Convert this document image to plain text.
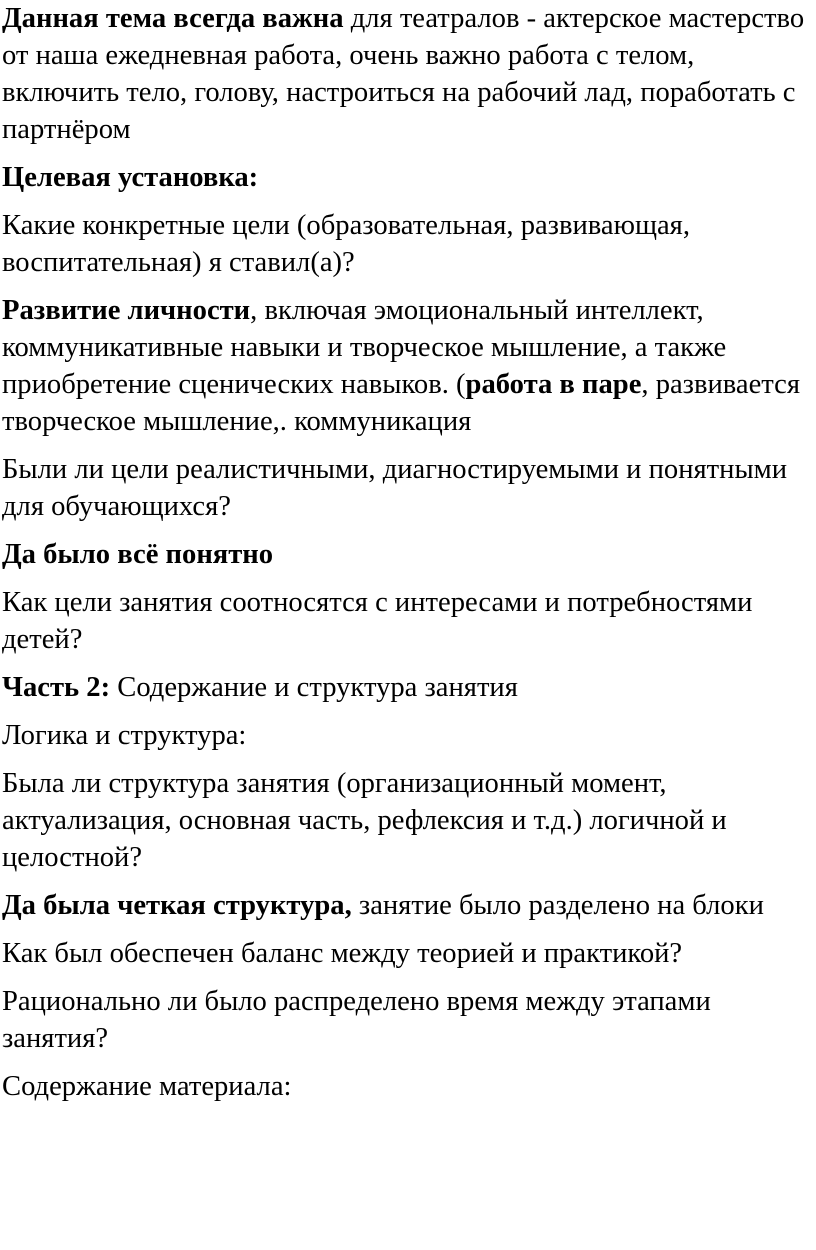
Данная тема всегда важна для театралов - актерское мастерство от наша ежедневная работа, очень важно работа с телом, включить тело, голову, настроиться на рабочий лад, поработать с партнёром

Целевая установка:

Какие конкретные цели (образовательная, развивающая, воспитательная) я ставил(а)?

Развитие личности, включая эмоциональный интеллект, коммуникативные навыки и творческое мышление, а также приобретение сценических навыков. (работа в паре, развивается творческое мышление,. коммуникация

Были ли цели реалистичными, диагностируемыми и понятными для обучающихся?

Да было всё понятно

Как цели занятия соотносятся с интересами и потребностями детей?

Часть 2: Содержание и структура занятия

Логика и структура:

Была ли структура занятия (организационный момент, актуализация, основная часть, рефлексия и т.д.) логичной и целостной?

Да была четкая структура, занятие было разделено на блоки

Как был обеспечен баланс между теорией и практикой?

Рационально ли было распределено время между этапами занятия?

Содержание материала:
